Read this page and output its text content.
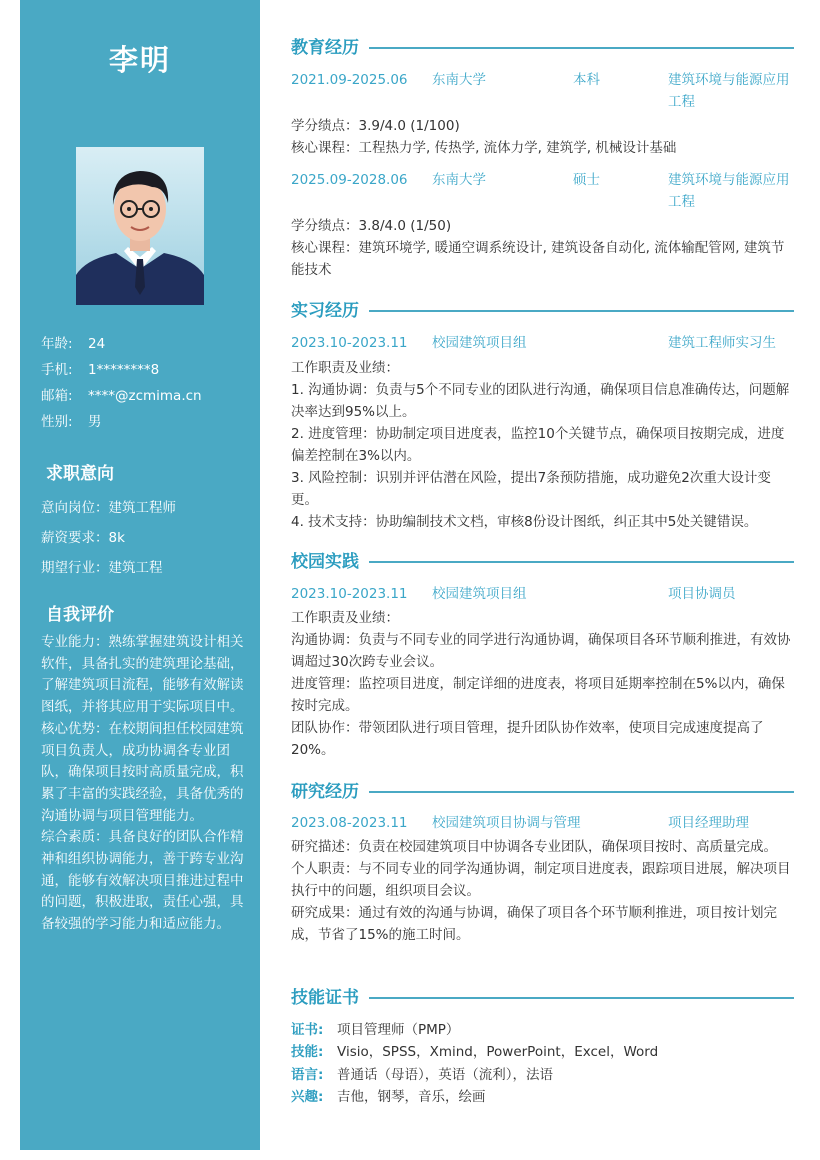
李明
年龄: 24
手机: 1********8
邮箱: ****@zcmima.cn
性别: 男
求职意向
意向岗位：建筑工程师
薪资要求：8k
期望行业：建筑工程
自我评价

专业能力：熟练掌握建筑设计相关软件，具备扎实的建筑理论基础，了解建筑项目流程，能够有效解读图纸，并将其应用于实际项目中。

核心优势：在校期间担任校园建筑项目负责人，成功协调各专业团队，确保项目按时高质量完成，积累了丰富的实践经验，具备优秀的沟通协调与项目管理能力。

综合素质：具备良好的团队合作精神和组织协调能力，善于跨专业沟通，能够有效解决项目推进过程中的问题，积极进取，责任心强，具备较强的学习能力和适应能力。

教育经历
2021.09-2025.06 东南大学	本科	建筑环境与能源应用工程

学分绩点：3.9/4.0 (1/100)

核心课程：工程热力学, 传热学, 流体力学, 建筑学, 机械设计基础

2025.09-2028.06 东南大学	硕士	建筑环境与能源应用工程

学分绩点：3.8/4.0 (1/50)

核心课程：建筑环境学, 暖通空调系统设计, 建筑设备自动化, 流体输配管网, 建筑节能技术

实习经历
2023.10-2023.11 校园建筑项目组	建筑工程师实习生
工作职责及业绩：
1. 沟通协调：负责与5个不同专业的团队进行沟通，确保项目信息准确传达，问题解决率达到95%以上。
2. 进度管理：协助制定项目进度表，监控10个关键节点，确保项目按期完成，进度偏差控制在3%以内。
3. 风险控制：识别并评估潜在风险，提出7条预防措施，成功避免2次重大设计变更。
4. 技术支持：协助编制技术文档，审核8份设计图纸，纠正其中5处关键错误。
校园实践
2023.10-2023.11 校园建筑项目组	项目协调员
工作职责及业绩：
沟通协调：负责与不同专业的同学进行沟通协调，确保项目各环节顺利推进，有效协调超过30次跨专业会议。
进度管理：监控项目进度，制定详细的进度表，将项目延期率控制在5%以内，确保按时完成。
团队协作：带领团队进行项目管理，提升团队协作效率，使项目完成速度提高了20%。
研究经历
2023.08-2023.11 校园建筑项目协调与管理	项目经理助理
研究描述：负责在校园建筑项目中协调各专业团队，确保项目按时、高质量完成。
个人职责：与不同专业的同学沟通协调，制定项目进度表，跟踪项目进展，解决项目执行中的问题，组织项目会议。
研究成果：通过有效的沟通与协调，确保了项目各个环节顺利推进，项目按计划完成，节省了15%的施工时间。
技能证书
证书: 项目管理师（PMP）
技能: Visio，SPSS，Xmind，PowerPoint，Excel，Word
语言: 普通话（母语），英语（流利），法语
兴趣: 吉他，钢琴，音乐，绘画
